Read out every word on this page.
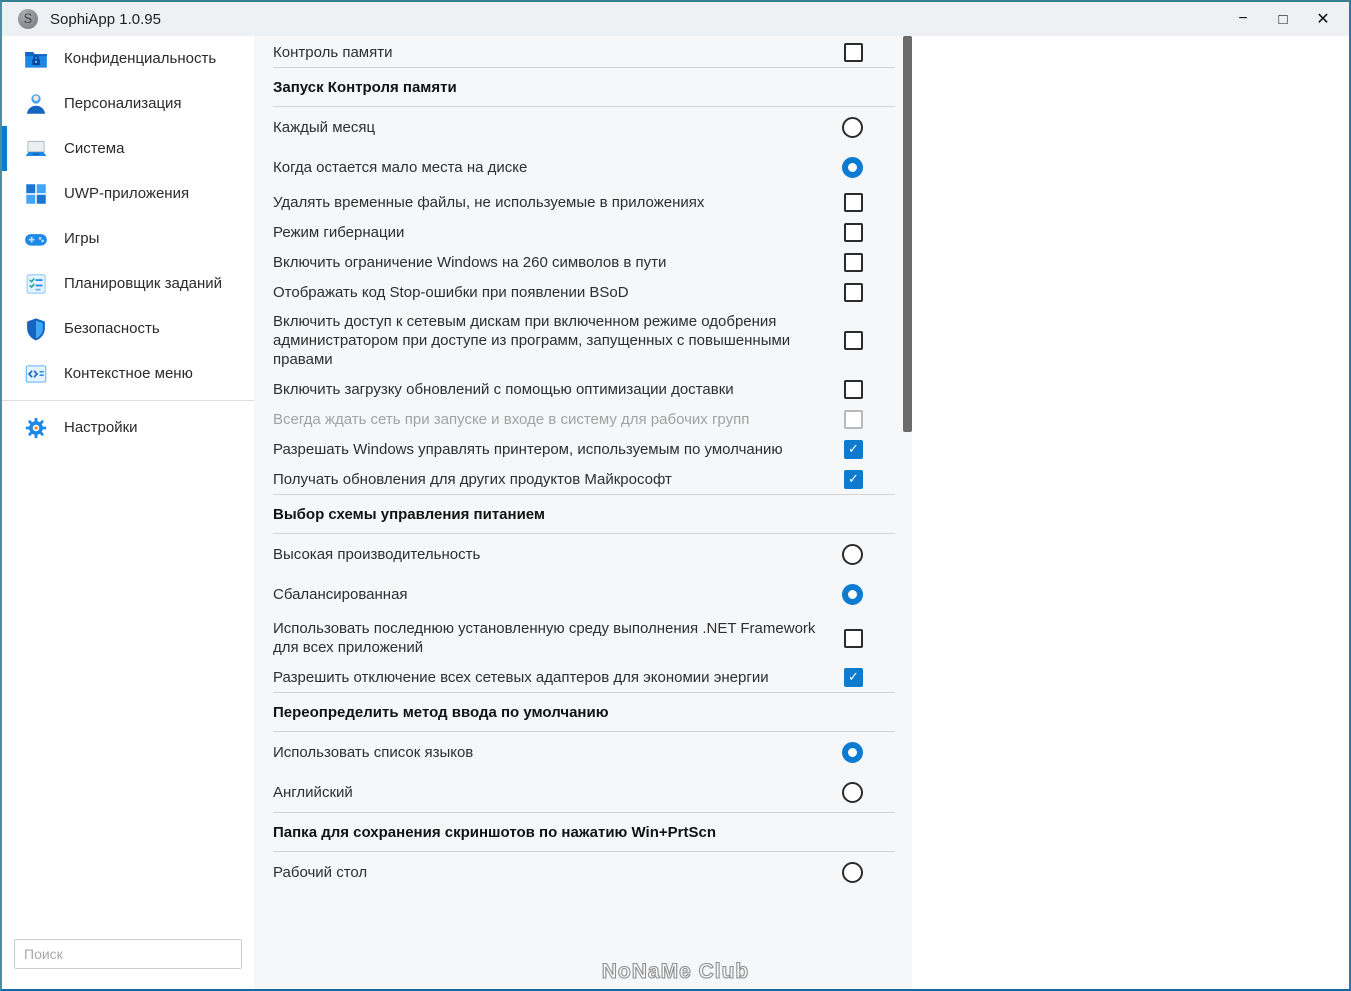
S	SophiApp 1.0.95	−	□	✕
Конфиденциальность
Персонализация
Система
UWP-приложения
Игры
Планировщик заданий
Безопасность
Контекстное меню
Настройки
Поиск
Контроль памяти
Запуск Контроля памяти
Каждый месяц
Когда остается мало места на диске
Удалять временные файлы, не используемые в приложениях
Режим гибернации
Включить ограничение Windows на 260 символов в пути
Отображать код Stop-ошибки при появлении BSoD
Включить доступ к сетевым дискам при включенном режиме одобрения администратором при доступе из программ, запущенных с повышенными правами
Включить загрузку обновлений с помощью оптимизации доставки
Всегда ждать сеть при запуске и входе в систему для рабочих групп
Разрешать Windows управлять принтером, используемым по умолчанию	✓
Получать обновления для других продуктов Майкрософт	✓
Выбор схемы управления питанием
Высокая производительность
Сбалансированная
Использовать последнюю установленную среду выполнения .NET Framework для всех приложений
Разрешить отключение всех сетевых адаптеров для экономии энергии	✓
Переопределить метод ввода по умолчанию
Использовать список языков
Английский
Папка для сохранения скриншотов по нажатию Win+PrtScn
Рабочий стол
